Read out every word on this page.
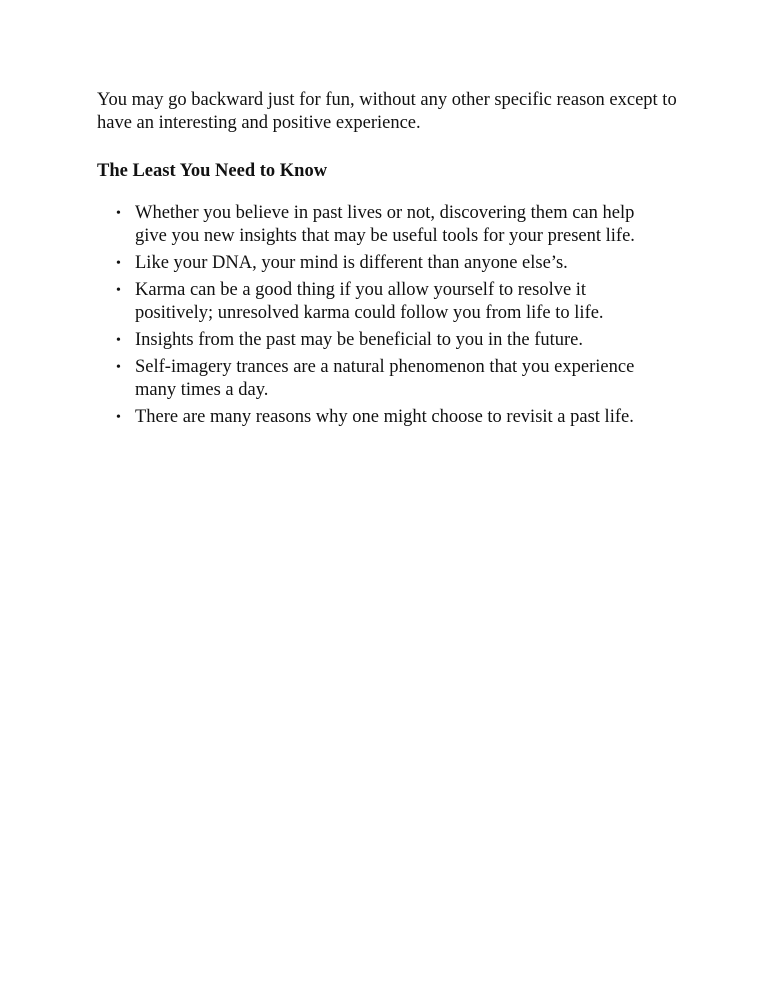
You may go backward just for fun, without any other specific reason except to have an interesting and positive experience.

The Least You Need to Know
• Whether you believe in past lives or not, discovering them can help give you new insights that may be useful tools for your present life.
• Like your DNA, your mind is different than anyone else’s.
• Karma can be a good thing if you allow yourself to resolve it positively; unresolved karma could follow you from life to life.
• Insights from the past may be beneficial to you in the future.
• Self-imagery trances are a natural phenomenon that you experience many times a day.
• There are many reasons why one might choose to revisit a past life.
